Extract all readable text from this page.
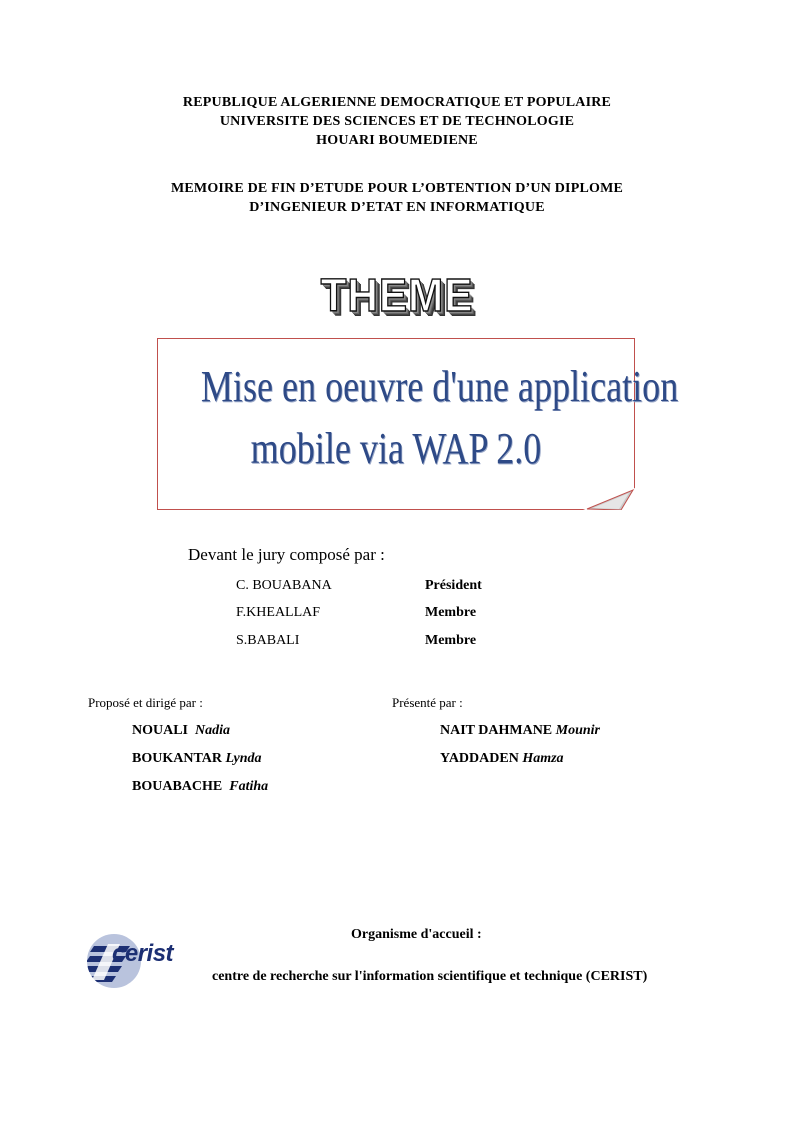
REPUBLIQUE ALGERIENNE DEMOCRATIQUE ET POPULAIRE
UNIVERSITE DES SCIENCES ET DE TECHNOLOGIE
HOUARI BOUMEDIENE
MEMOIRE DE FIN D’ETUDE POUR L’OBTENTION D’UN DIPLOME
D’INGENIEUR D’ETAT EN INFORMATIQUE
THEME
Mise en oeuvre d'une application
mobile via WAP 2.0
Devant le jury composé par :
C. BOUABANA	Président
F.KHEALLAF	Membre
S.BABALI	Membre
Proposé et dirigé par :
NOUALI Nadia
BOUKANTAR Lynda
BOUABACHE Fatiha
Présenté par :
NAIT DAHMANE Mounir
YADDADEN Hamza
Organisme d'accueil :
cerist
centre de recherche sur l'information scientifique et technique (CERIST)
